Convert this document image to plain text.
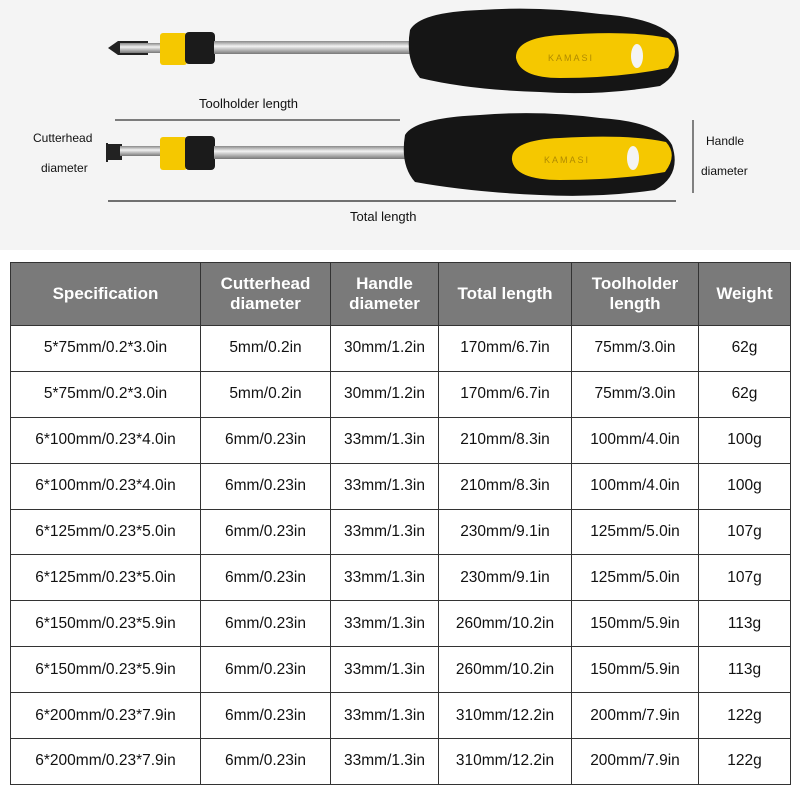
KAMASI
KAMASI
Toolholder length
Cutterhead
diameter
Handle
diameter
Total length
Specification	Cutterhead diameter	Handle diameter	Total length	Toolholder length	Weight
5*75mm/0.2*3.0in	5mm/0.2in	30mm/1.2in	170mm/6.7in	75mm/3.0in	62g
5*75mm/0.2*3.0in	5mm/0.2in	30mm/1.2in	170mm/6.7in	75mm/3.0in	62g
6*100mm/0.23*4.0in	6mm/0.23in	33mm/1.3in	210mm/8.3in	100mm/4.0in	100g
6*100mm/0.23*4.0in	6mm/0.23in	33mm/1.3in	210mm/8.3in	100mm/4.0in	100g
6*125mm/0.23*5.0in	6mm/0.23in	33mm/1.3in	230mm/9.1in	125mm/5.0in	107g
6*125mm/0.23*5.0in	6mm/0.23in	33mm/1.3in	230mm/9.1in	125mm/5.0in	107g
6*150mm/0.23*5.9in	6mm/0.23in	33mm/1.3in	260mm/10.2in	150mm/5.9in	113g
6*150mm/0.23*5.9in	6mm/0.23in	33mm/1.3in	260mm/10.2in	150mm/5.9in	113g
6*200mm/0.23*7.9in	6mm/0.23in	33mm/1.3in	310mm/12.2in	200mm/7.9in	122g
6*200mm/0.23*7.9in	6mm/0.23in	33mm/1.3in	310mm/12.2in	200mm/7.9in	122g
